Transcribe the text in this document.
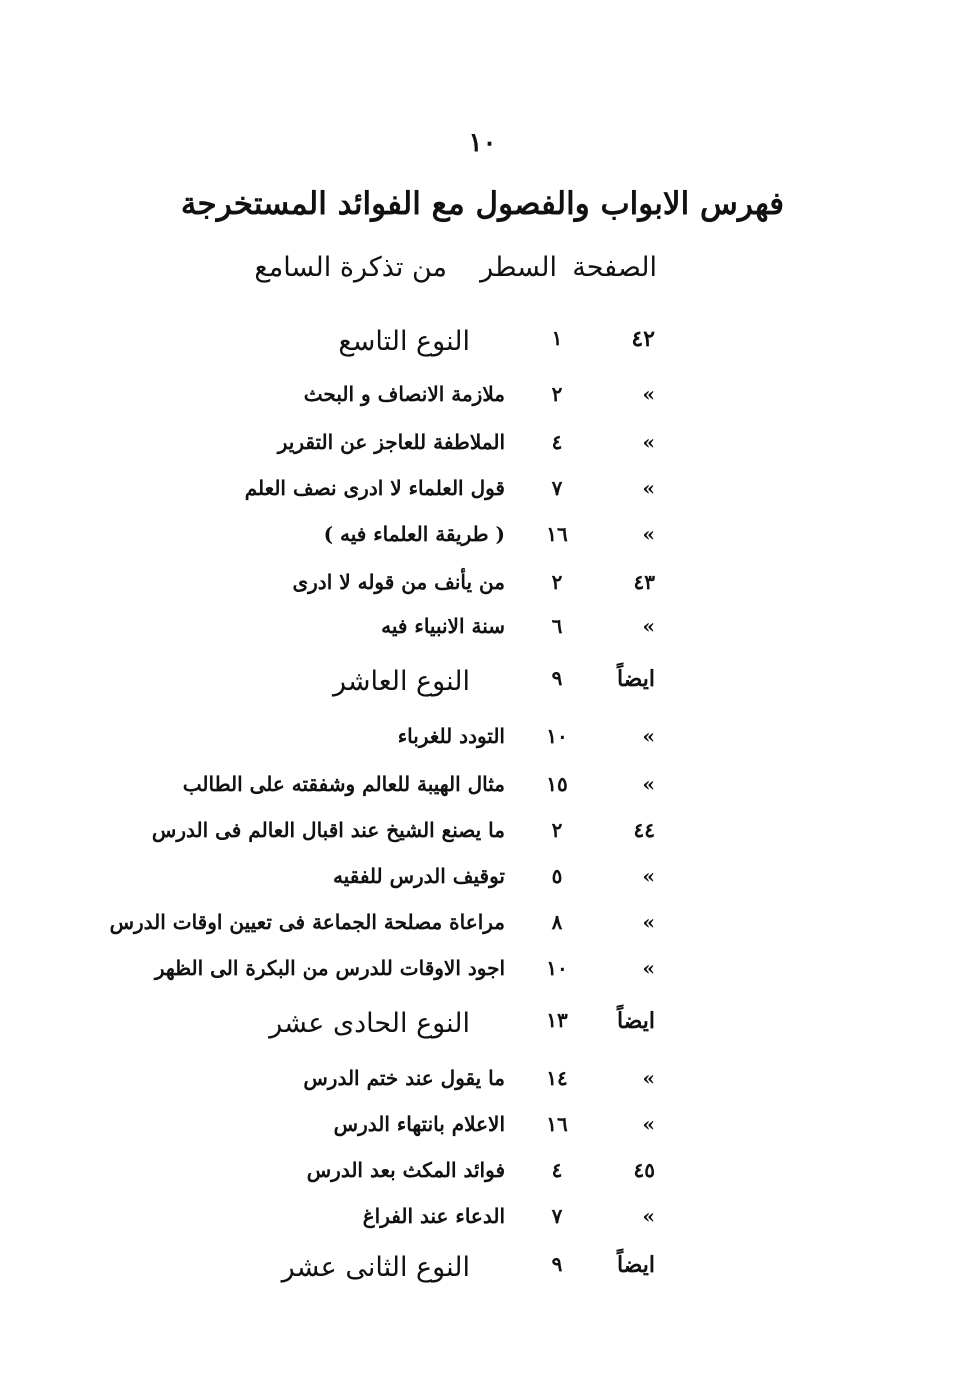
١٠
فهرس الابواب والفصول مع الفوائد المستخرجة
الصفحة
السطر
من تذكرة السامع
٤٢
١
النوع التاسع
»
٢
ملازمة الانصاف و البحث
»
٤
الملاطفة للعاجز عن التقرير
»
٧
قول العلماء لا ادرى نصف العلم
»
١٦
( طريقة العلماء فيه )
٤٣
٢
من يأنف من قوله لا ادرى
»
٦
سنة الانبياء فيه
ايضاً
٩
النوع العاشر
»
١٠
التودد للغرباء
»
١٥
مثال الهيبة للعالم وشفقته على الطالب
٤٤
٢
ما يصنع الشيخ عند اقبال العالم فى الدرس
»
٥
توقيف الدرس للفقيه
»
٨
مراعاة مصلحة الجماعة فى تعيين اوقات الدرس
»
١٠
اجود الاوقات للدرس من البكرة الى الظهر
ايضاً
١٣
النوع الحادى عشر
»
١٤
ما يقول عند ختم الدرس
»
١٦
الاعلام بانتهاء الدرس
٤٥
٤
فوائد المكث بعد الدرس
»
٧
الدعاء عند الفراغ
ايضاً
٩
النوع الثانى عشر
